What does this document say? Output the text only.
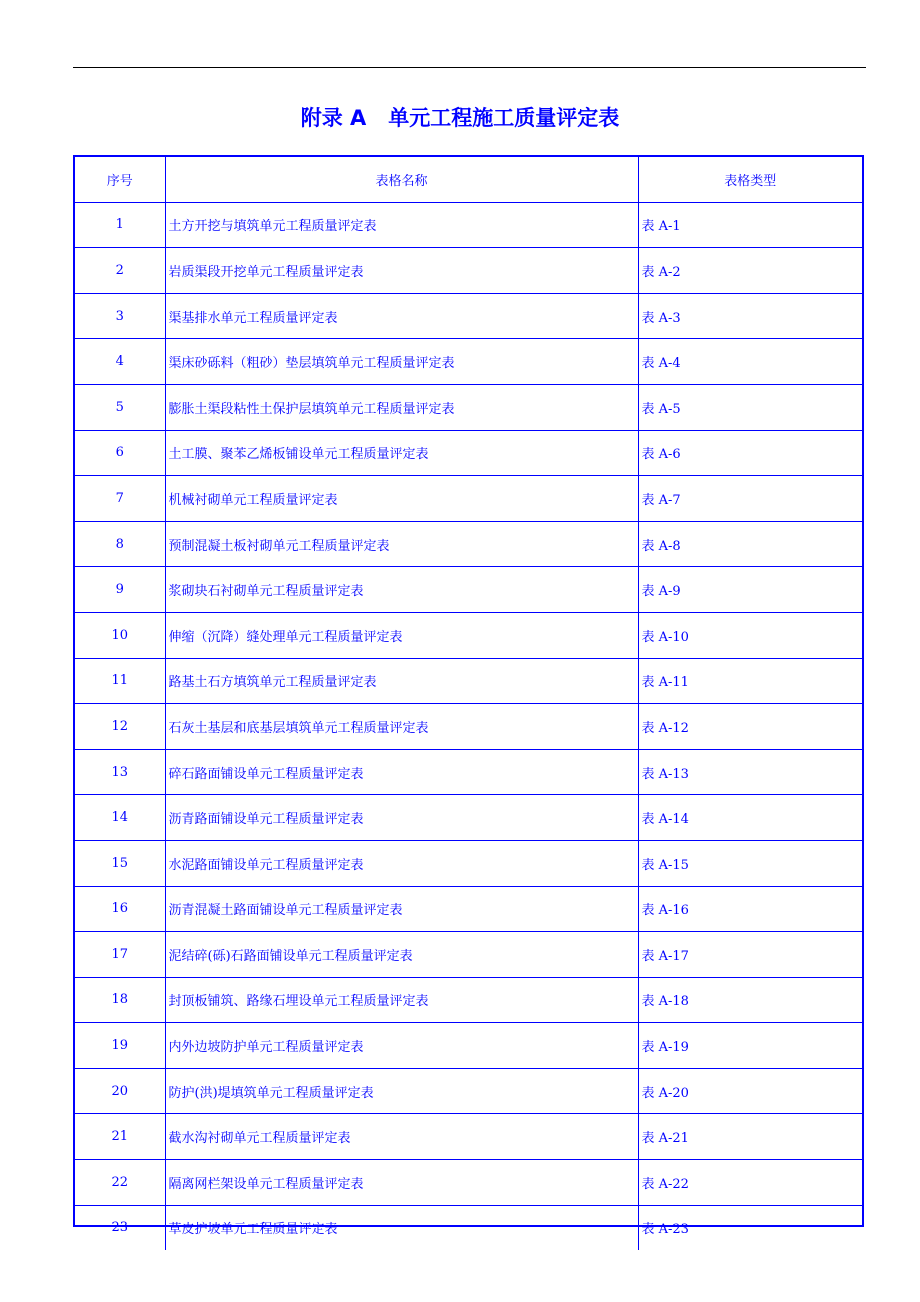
附录 A   单元工程施工质量评定表
序号	表格名称	表格类型
1	土方开挖与填筑单元工程质量评定表	表 A-1
2	岩质渠段开挖单元工程质量评定表	表 A-2
3	渠基排水单元工程质量评定表	表 A-3
4	渠床砂砾料（粗砂）垫层填筑单元工程质量评定表	表 A-4
5	膨胀土渠段粘性土保护层填筑单元工程质量评定表	表 A-5
6	土工膜、聚苯乙烯板铺设单元工程质量评定表	表 A-6
7	机械衬砌单元工程质量评定表	表 A-7
8	预制混凝土板衬砌单元工程质量评定表	表 A-8
9	浆砌块石衬砌单元工程质量评定表	表 A-9
10	伸缩（沉降）缝处理单元工程质量评定表	表 A-10
11	路基土石方填筑单元工程质量评定表	表 A-11
12	石灰土基层和底基层填筑单元工程质量评定表	表 A-12
13	碎石路面铺设单元工程质量评定表	表 A-13
14	沥青路面铺设单元工程质量评定表	表 A-14
15	水泥路面铺设单元工程质量评定表	表 A-15
16	沥青混凝土路面铺设单元工程质量评定表	表 A-16
17	泥结碎(砾)石路面铺设单元工程质量评定表	表 A-17
18	封顶板铺筑、路缘石埋设单元工程质量评定表	表 A-18
19	内外边坡防护单元工程质量评定表	表 A-19
20	防护(洪)堤填筑单元工程质量评定表	表 A-20
21	截水沟衬砌单元工程质量评定表	表 A-21
22	隔离网栏架设单元工程质量评定表	表 A-22
23	草皮护坡单元工程质量评定表	表 A-23
